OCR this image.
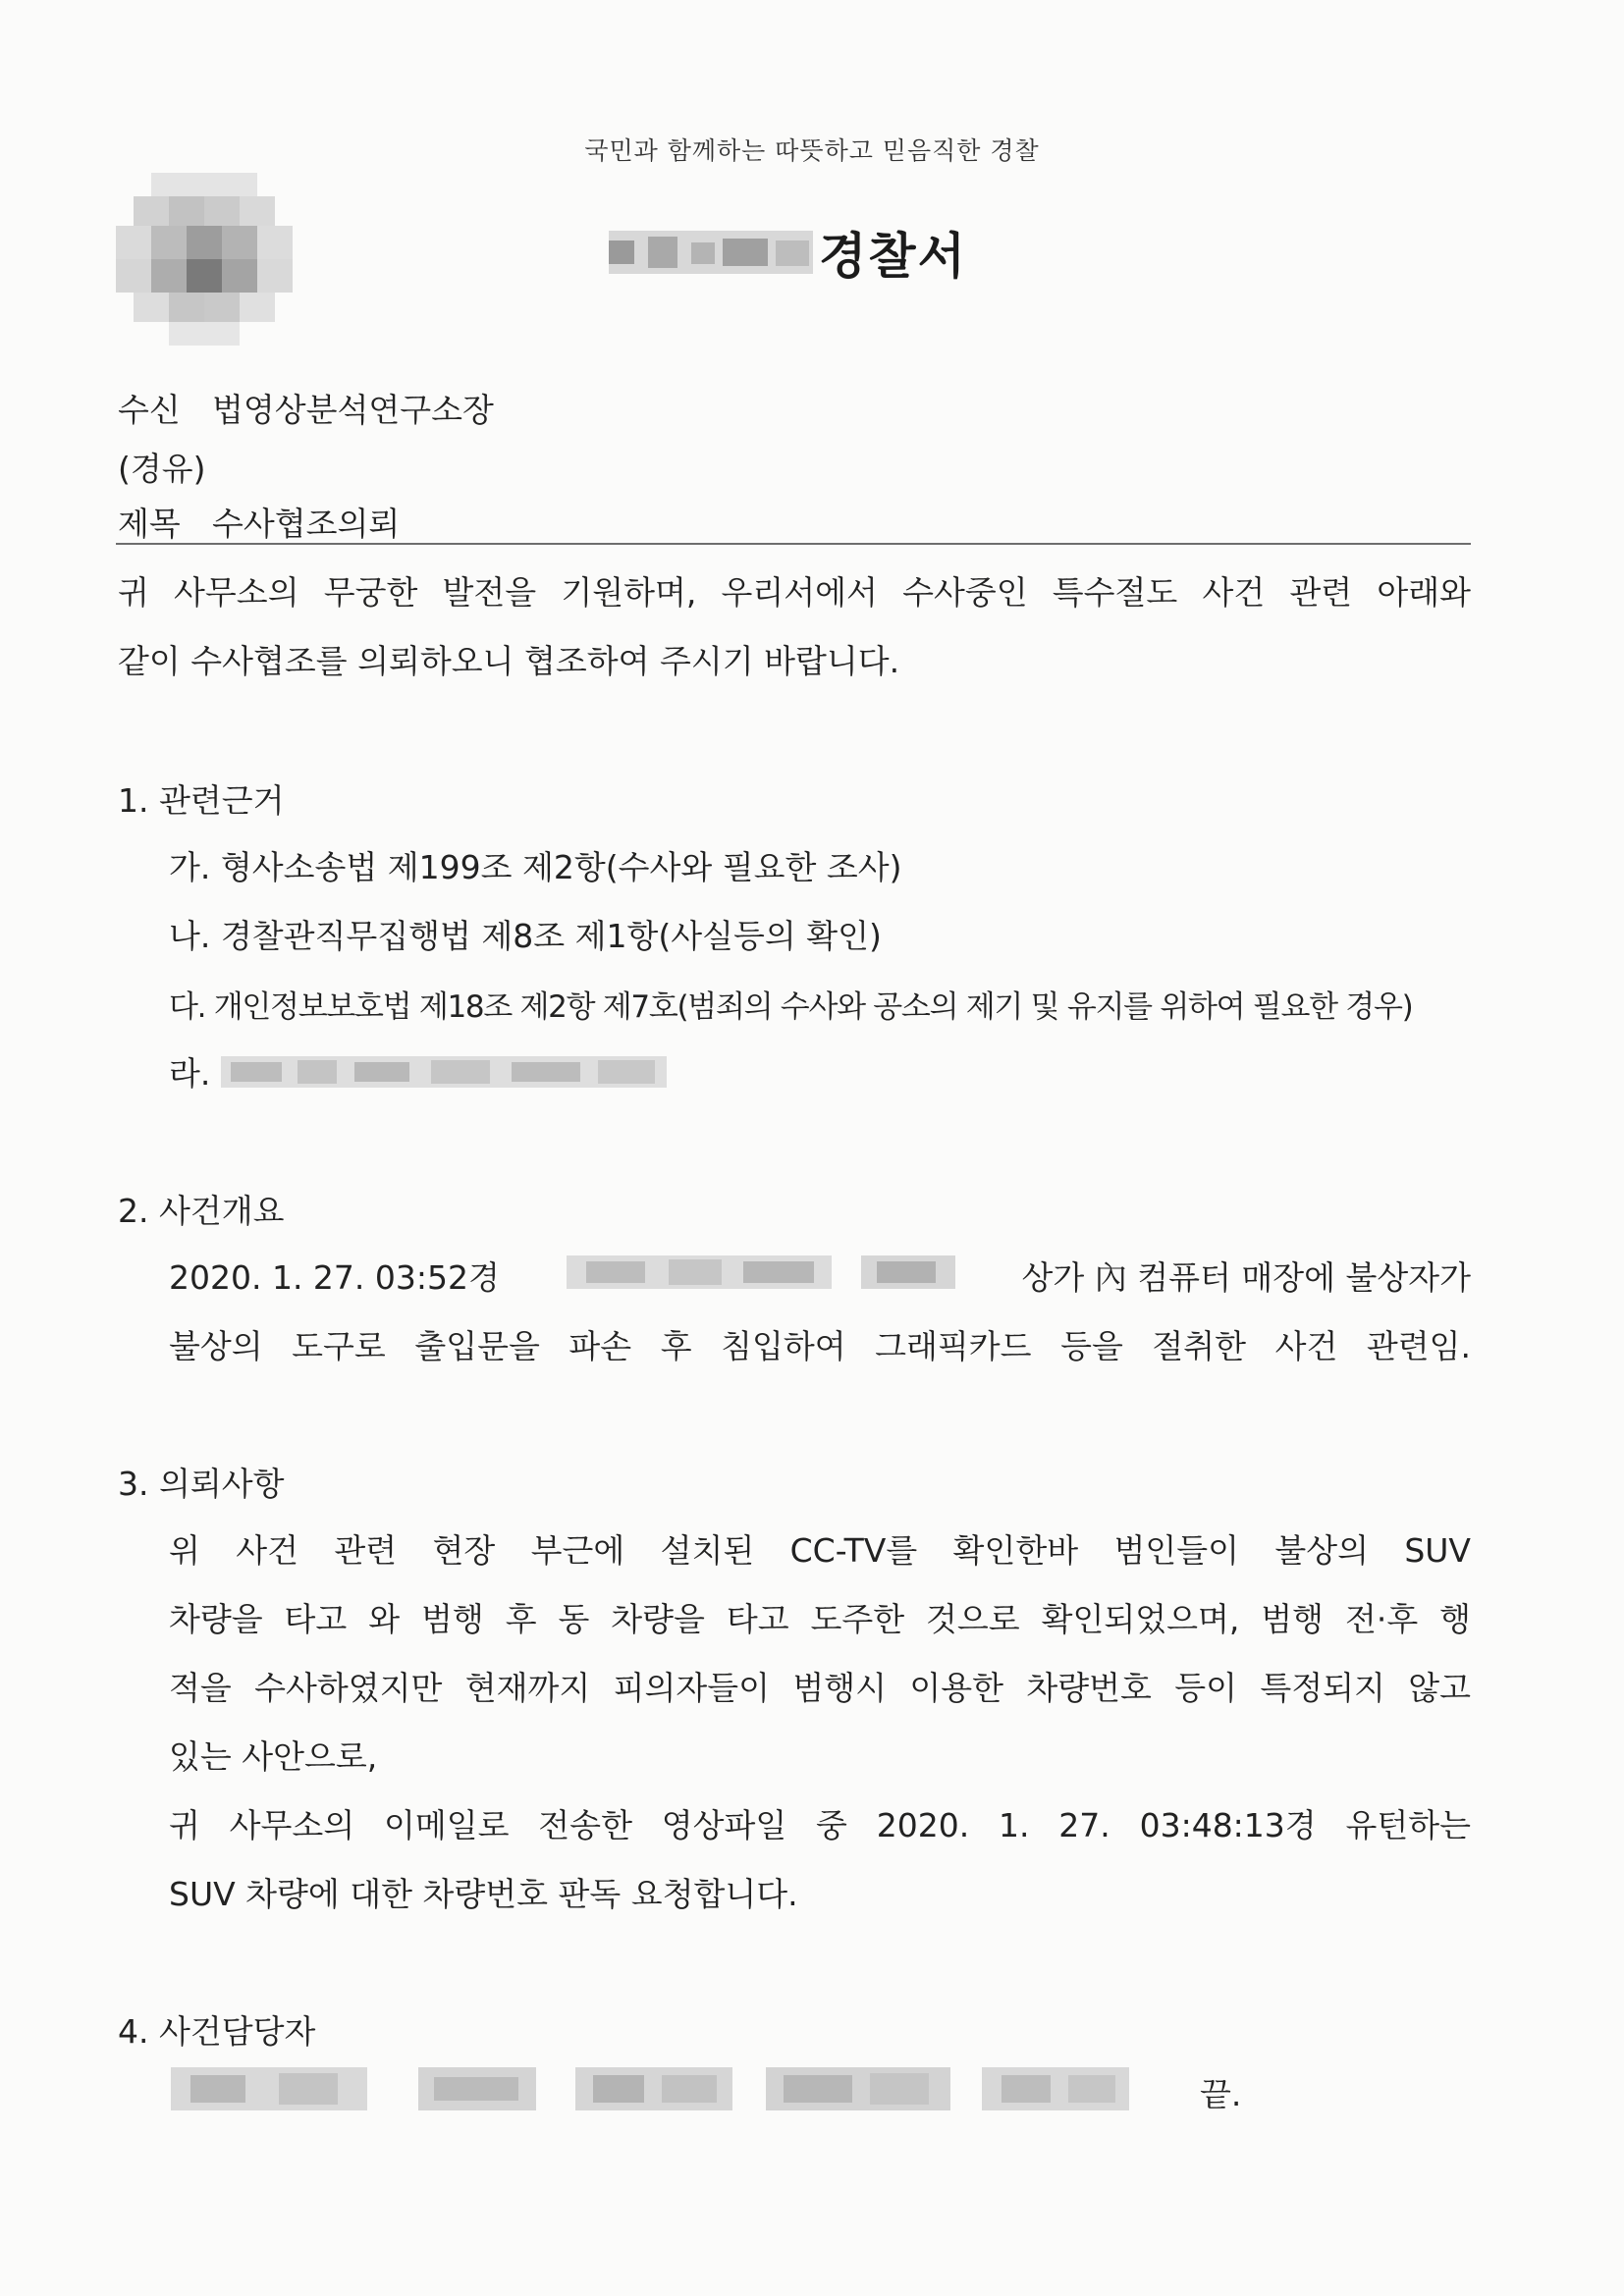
국민과 함께하는 따뜻하고 믿음직한 경찰
경찰서
수신 법영상분석연구소장
(경유)
제목 수사협조의뢰
귀 사무소의 무궁한 발전을 기원하며, 우리서에서 수사중인 특수절도 사건 관련 아래와
같이 수사협조를 의뢰하오니 협조하여 주시기 바랍니다.
1. 관련근거
가. 형사소송법 제199조 제2항(수사와 필요한 조사)
나. 경찰관직무집행법 제8조 제1항(사실등의 확인)
다. 개인정보보호법 제18조 제2항 제7호(범죄의 수사와 공소의 제기 및 유지를 위하여 필요한 경우)
라.
2. 사건개요
2020. 1. 27. 03:52경	상가 內 컴퓨터 매장에 불상자가
불상의 도구로 출입문을 파손 후 침입하여 그래픽카드 등을 절취한 사건 관련임.
3. 의뢰사항
위 사건 관련 현장 부근에 설치된 CC-TV를 확인한바 범인들이 불상의 SUV
차량을 타고 와 범행 후 동 차량을 타고 도주한 것으로 확인되었으며, 범행 전·후 행
적을 수사하였지만 현재까지 피의자들이 범행시 이용한 차량번호 등이 특정되지 않고
있는 사안으로,
귀 사무소의 이메일로 전송한 영상파일 중 2020. 1. 27. 03:48:13경 유턴하는
SUV 차량에 대한 차량번호 판독 요청합니다.
4. 사건담당자
끝.
